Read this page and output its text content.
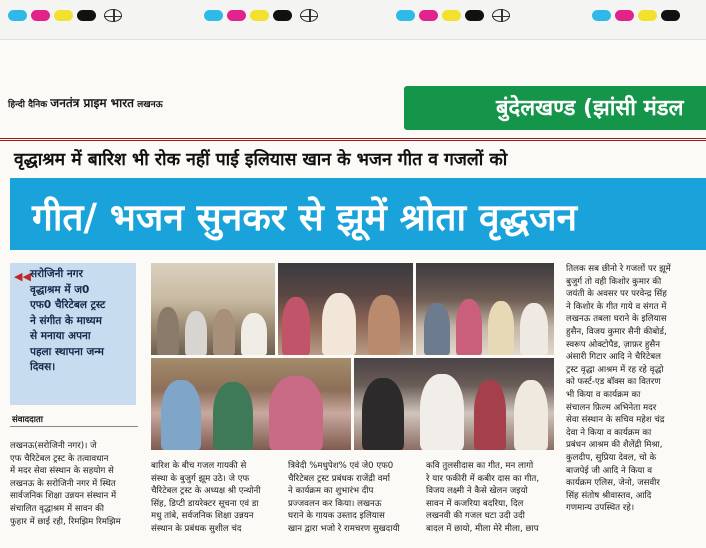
हिन्दी दैनिक जनतंत्र प्राइम भारत लखनऊ	बुंदेलखण्ड (झांसी मंडल
वृद्धाश्रम में बारिश भी रोक नहीं पाई इलियास खान के भजन गीत व गजलों को
गीत/ भजन सुनकर से झूमें श्रोता वृद्धजन
◀◀ सरोजिनी नगर
वृद्धाश्रम में ज0
एफ0 चैरिटेबल ट्रस्ट
ने संगीत के माध्यम
से मनाया अपना
पहला स्थापना जन्म
दिवस।
संवाददाता
लखनऊ(सरोजिनी नगर)। जे
एफ चैरिटेबल ट्रस्ट के तत्वावधान
में मदर सेवा संस्थान के सहयोग से
लखनऊ के सरोजिनी नगर में स्थित
सार्वजनिक शिक्षा उन्नयन संस्थान में
संचालित वृद्धाश्रम में सावन की
फुहार में छाई रही, रिमझिम रिमझिम
बारिश के बीच गजल गायकी से
संस्था के बुजुर्ग झूम उठे। जे एफ
चैरिटेबल ट्रस्ट के अध्यक्ष श्री एन्थोनी
सिंह, डिप्टी डायरेक्टर सूचना एवं डा
मधु तांबे, सर्वजनिक शिक्षा उन्नयन
संस्थान के प्रबंधक सुशील चंद
त्रिवेदी %मधुपेश% एवं जे0 एफ0
चैरिटेबल ट्रस्ट प्रबंधक राजेंद्री वर्मा
ने कार्यक्रम का शुभारंभ दीप
प्रज्जवलन कर किया। लखनऊ
घराने के गायक उस्ताद इलियास
खान द्वारा भजो रे रामचरण सुखदायी
कवि तुलसीदास का गीत, मन लागो
रे यार फकीरी में कबीर दास का गीत,
विजय लक्ष्मी ने कैसे खेलन जइयो
सावन में कजरिया बदरिया, दिल
लखनवी की गजल घटा उदी उदी
बादल में छायो, मीला मेरे मीला, छाप
तिलक सब छीनो रे गजलों पर झूमें
बुजुर्ग तो वही किशोर कुमार की
जयंती के अवसर पर परवेन्द्र सिंह
ने किशोर के गीत गाये व संगत में
लखनऊ तबला घराने के इलियास
हुसैन, विजय कुमार सैनी कीबोर्ड,
स्वरूप ओक्टोपैड, ज़ाफ़र हुसैन
अंसारी गिटार आदि ने चैरिटेबल
ट्रस्ट वृद्धा आश्रम में रह रहे वृद्धो
को फर्स्ट-एड बॉक्स का वितरण
भी किया व कार्यक्रम का
संचालन फ़िल्म अभिनेता मदर
सेवा संस्थान के सचिव महेश चंद्र
देवा ने किया व कार्यक्रम का
प्रबंधन आश्रम की शैलेंद्री मिश्रा,
कुलदीप, सुप्रिया देवल, चो के
बाजपेई जी आदि ने किया व
कार्यक्रम एलिस, जेनो, जसवीर
सिंह संतोष श्रीवास्तव, आदि
गणमान्य उपस्थित रहे।
